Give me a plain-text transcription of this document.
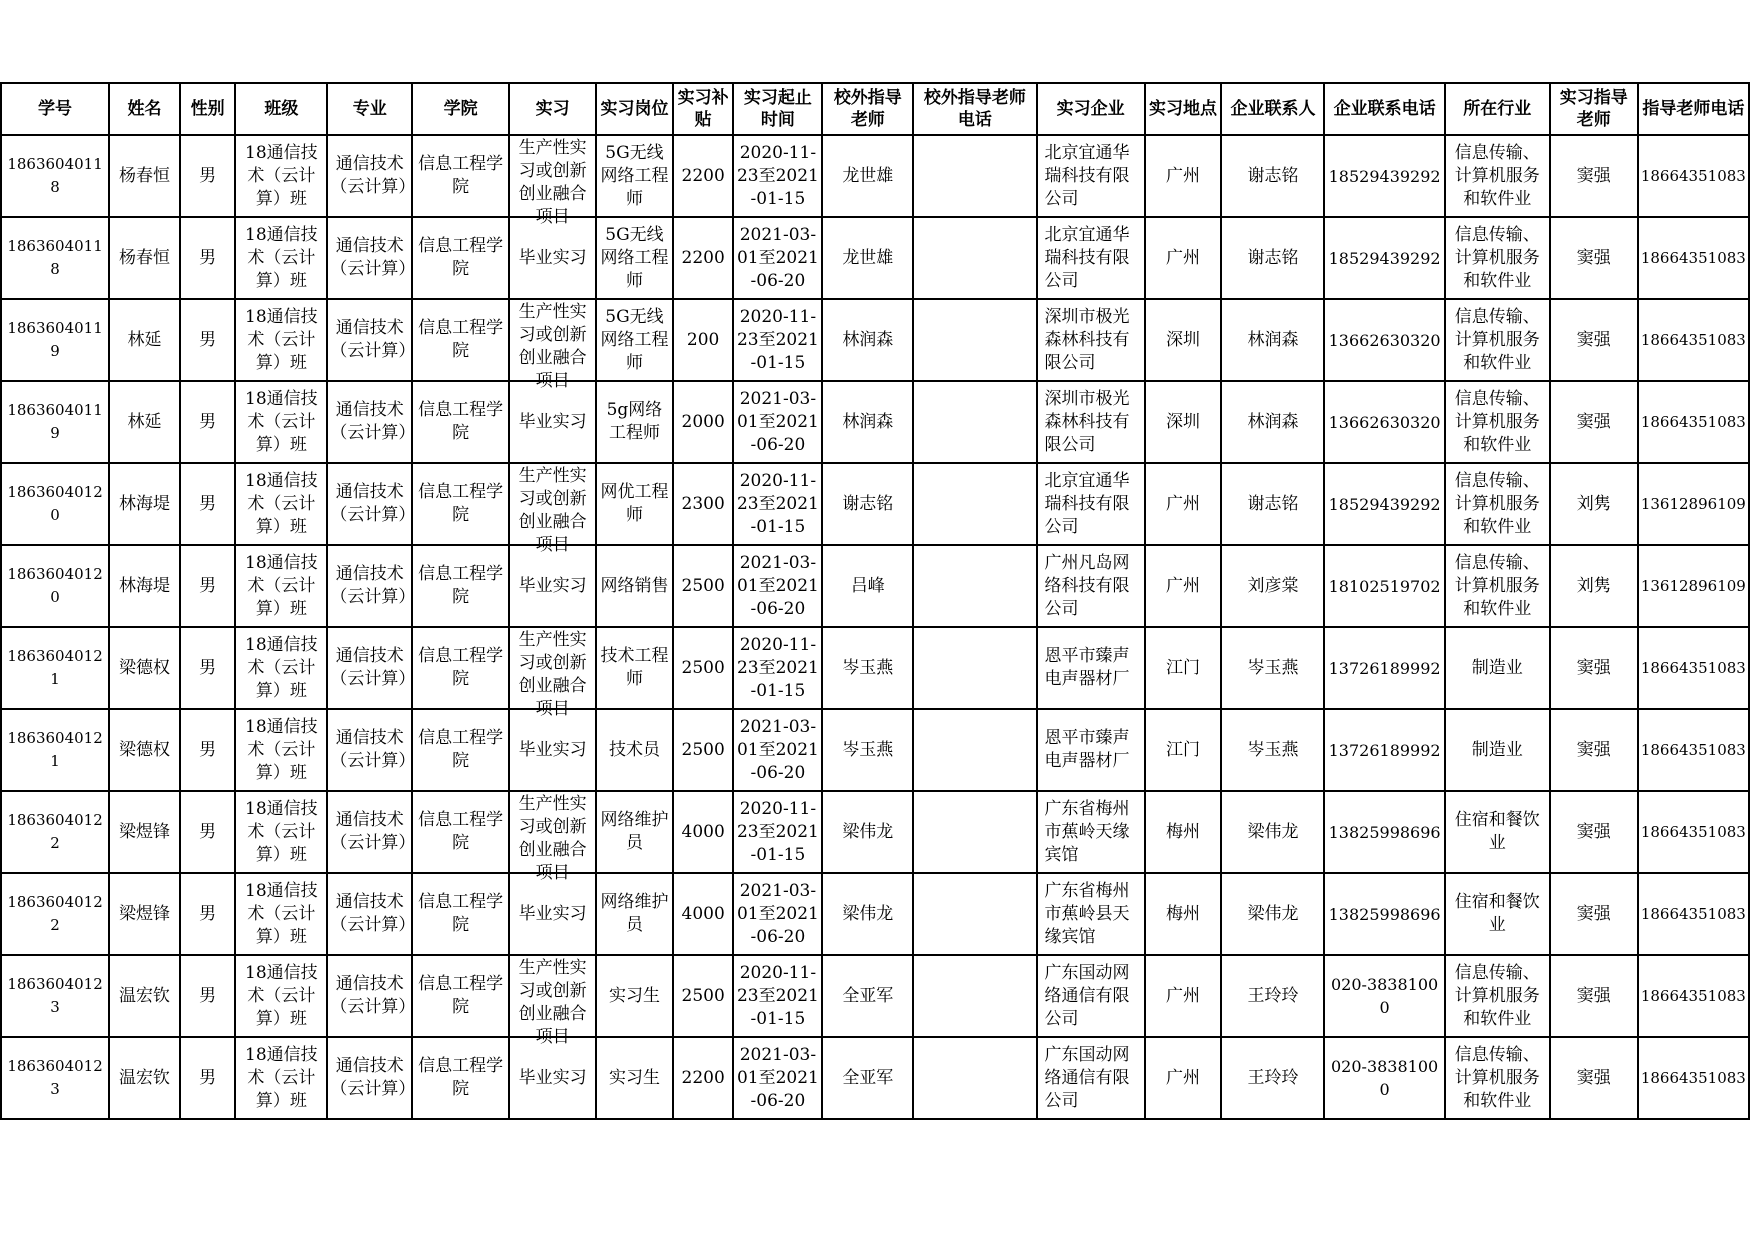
学号	姓名	性别	班级	专业	学院	实习	实习岗位	实习补贴	实习起止时间	校外指导老师	校外指导老师电话	实习企业	实习地点	企业联系人	企业联系电话	所在行业	实习指导老师	指导老师电话

18636040118	杨春恒	男	18通信技术（云计算）班	通信技术（云计算）	信息工程学院	生产性实习或创新创业融合项目	5G无线网络工程师	2200	2020-11-23至2021-01-15	龙世雄		北京宜通华瑞科技有限公司	广州	谢志铭	18529439292	信息传输、计算机服务和软件业	窦强	18664351083

18636040118	杨春恒	男	18通信技术（云计算）班	通信技术（云计算）	信息工程学院	毕业实习	5G无线网络工程师	2200	2021-03-01至2021-06-20	龙世雄		北京宜通华瑞科技有限公司	广州	谢志铭	18529439292	信息传输、计算机服务和软件业	窦强	18664351083

18636040119	林延	男	18通信技术（云计算）班	通信技术（云计算）	信息工程学院	生产性实习或创新创业融合项目	5G无线网络工程师	200	2020-11-23至2021-01-15	林润森		深圳市极光森林科技有限公司	深圳	林润森	13662630320	信息传输、计算机服务和软件业	窦强	18664351083

18636040119	林延	男	18通信技术（云计算）班	通信技术（云计算）	信息工程学院	毕业实习	5g网络工程师	2000	2021-03-01至2021-06-20	林润森		深圳市极光森林科技有限公司	深圳	林润森	13662630320	信息传输、计算机服务和软件业	窦强	18664351083

18636040120	林海堤	男	18通信技术（云计算）班	通信技术（云计算）	信息工程学院	生产性实习或创新创业融合项目	网优工程师	2300	2020-11-23至2021-01-15	谢志铭		北京宜通华瑞科技有限公司	广州	谢志铭	18529439292	信息传输、计算机服务和软件业	刘隽	13612896109

18636040120	林海堤	男	18通信技术（云计算）班	通信技术（云计算）	信息工程学院	毕业实习	网络销售	2500	2021-03-01至2021-06-20	吕峰		广州凡岛网络科技有限公司	广州	刘彦棠	18102519702	信息传输、计算机服务和软件业	刘隽	13612896109

18636040121	梁德权	男	18通信技术（云计算）班	通信技术（云计算）	信息工程学院	生产性实习或创新创业融合项目	技术工程师	2500	2020-11-23至2021-01-15	岑玉燕		恩平市臻声电声器材厂	江门	岑玉燕	13726189992	制造业	窦强	18664351083

18636040121	梁德权	男	18通信技术（云计算）班	通信技术（云计算）	信息工程学院	毕业实习	技术员	2500	2021-03-01至2021-06-20	岑玉燕		恩平市臻声电声器材厂	江门	岑玉燕	13726189992	制造业	窦强	18664351083

18636040122	梁煜锋	男	18通信技术（云计算）班	通信技术（云计算）	信息工程学院	生产性实习或创新创业融合项目	网络维护员	4000	2020-11-23至2021-01-15	梁伟龙		广东省梅州市蕉岭天缘宾馆	梅州	梁伟龙	13825998696	住宿和餐饮业	窦强	18664351083

18636040122	梁煜锋	男	18通信技术（云计算）班	通信技术（云计算）	信息工程学院	毕业实习	网络维护员	4000	2021-03-01至2021-06-20	梁伟龙		广东省梅州市蕉岭县天缘宾馆	梅州	梁伟龙	13825998696	住宿和餐饮业	窦强	18664351083

18636040123	温宏钦	男	18通信技术（云计算）班	通信技术（云计算）	信息工程学院	生产性实习或创新创业融合项目	实习生	2500	2020-11-23至2021-01-15	全亚军		广东国动网络通信有限公司	广州	王玲玲	020-38381000	信息传输、计算机服务和软件业	窦强	18664351083

18636040123	温宏钦	男	18通信技术（云计算）班	通信技术（云计算）	信息工程学院	毕业实习	实习生	2200	2021-03-01至2021-06-20	全亚军		广东国动网络通信有限公司	广州	王玲玲	020-38381000	信息传输、计算机服务和软件业	窦强	18664351083
